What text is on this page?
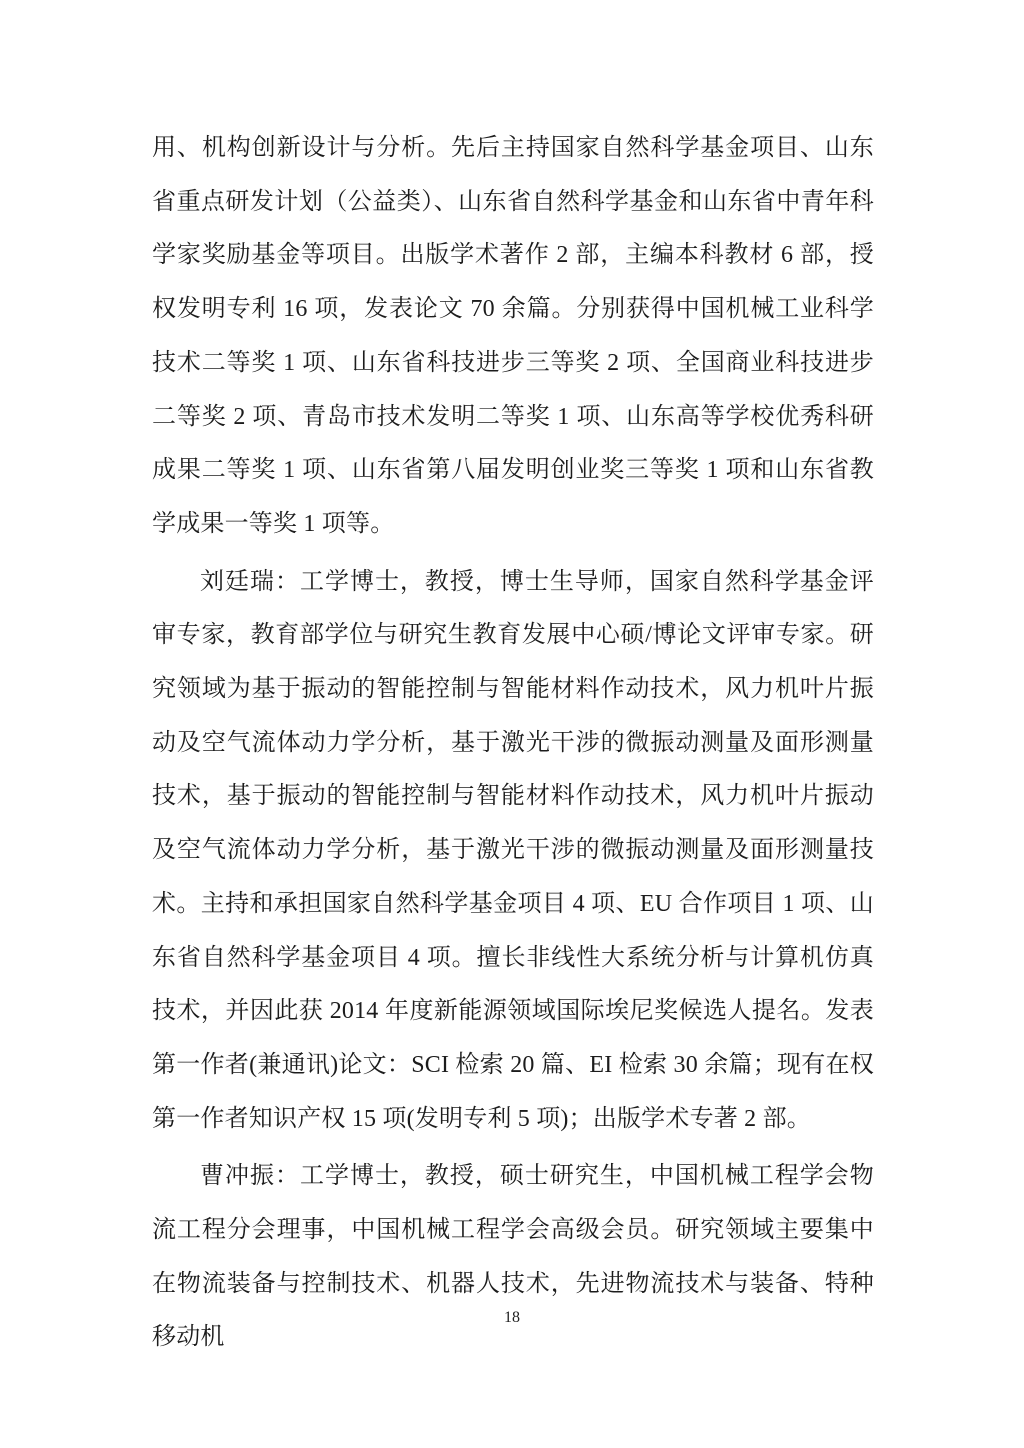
用、机构创新设计与分析。先后主持国家自然科学基金项目、山东省重点研发计划（公益类）、山东省自然科学基金和山东省中青年科学家奖励基金等项目。出版学术著作 2 部，主编本科教材 6 部，授权发明专利 16 项，发表论文 70 余篇。分别获得中国机械工业科学技术二等奖 1 项、山东省科技进步三等奖 2 项、全国商业科技进步二等奖 2 项、青岛市技术发明二等奖 1 项、山东高等学校优秀科研成果二等奖 1 项、山东省第八届发明创业奖三等奖 1 项和山东省教学成果一等奖 1 项等。

刘廷瑞：工学博士，教授，博士生导师，国家自然科学基金评审专家，教育部学位与研究生教育发展中心硕/博论文评审专家。研究领域为基于振动的智能控制与智能材料作动技术，风力机叶片振动及空气流体动力学分析，基于激光干涉的微振动测量及面形测量技术，基于振动的智能控制与智能材料作动技术，风力机叶片振动及空气流体动力学分析，基于激光干涉的微振动测量及面形测量技术。主持和承担国家自然科学基金项目 4 项、EU 合作项目 1 项、山东省自然科学基金项目 4 项。擅长非线性大系统分析与计算机仿真技术，并因此获 2014 年度新能源领域国际埃尼奖候选人提名。发表第一作者(兼通讯)论文：SCI 检索 20 篇、EI 检索 30 余篇；现有在权第一作者知识产权 15 项(发明专利 5 项)；出版学术专著 2 部。

曹冲振：工学博士，教授，硕士研究生，中国机械工程学会物流工程分会理事，中国机械工程学会高级会员。研究领域主要集中在物流装备与控制技术、机器人技术，先进物流技术与装备、特种移动机

18
